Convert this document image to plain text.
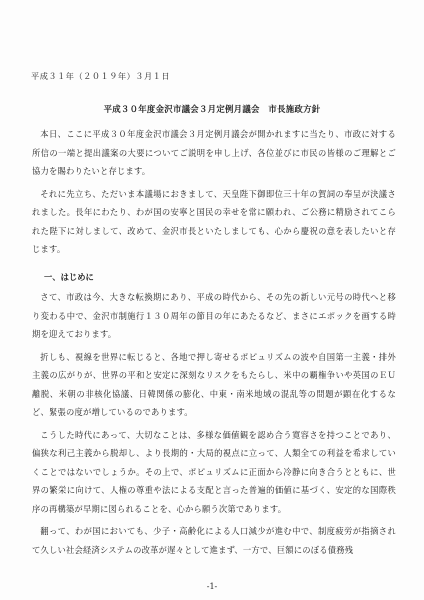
平成３１年（２０１９年）３月１日
平成３０年度金沢市議会３月定例月議会　市長施政方針

本日、ここに平成３０年度金沢市議会３月定例月議会が開かれますに当たり、市政に対する所信の一端と提出議案の大要についてご説明を申し上げ、各位並びに市民の皆様のご理解とご協力を賜わりたいと存じます。

それに先立ち、ただいま本議場におきまして、天皇陛下御即位三十年の賀詞の奉呈が決議されました。長年にわたり、わが国の安寧と国民の幸せを常に願われ、ご公務に精励されてこられた陛下に対しまして、改めて、金沢市長といたしましても、心から慶祝の意を表したいと存じます。

一、はじめに

さて、市政は今、大きな転換期にあり、平成の時代から、その先の新しい元号の時代へと移り変わる中で、金沢市制施行１３０周年の節目の年にあたるなど、まさにエポックを画する時期を迎えております。

折しも、視線を世界に転じると、各地で押し寄せるポピュリズムの波や自国第一主義・排外主義の広がりが、世界の平和と安定に深刻なリスクをもたらし、米中の覇権争いや英国のＥＵ離脱、米朝の非核化協議、日韓関係の膨化、中東・南米地域の混乱等の問題が顕在化するなど、緊張の度が増しているのであります。

こうした時代にあって、大切なことは、多様な価値観を認め合う寛容さを持つことであり、偏狭な利己主義から脱却し、より長期的・大局的視点に立って、人類全ての利益を希求していくことではないでしょうか。その上で、ポピュリズムに正面から冷静に向き合うとともに、世界の繁栄に向けて、人権の尊重や法による支配と言った普遍的価値に基づく、安定的な国際秩序の再構築が早期に図られることを、心から願う次第であります。

翻って、わが国においても、少子・高齢化による人口減少が進む中で、制度疲労が指摘されて久しい社会経済システムの改革が遅々として進まず、一方で、巨額にのぼる債務残

-1-
